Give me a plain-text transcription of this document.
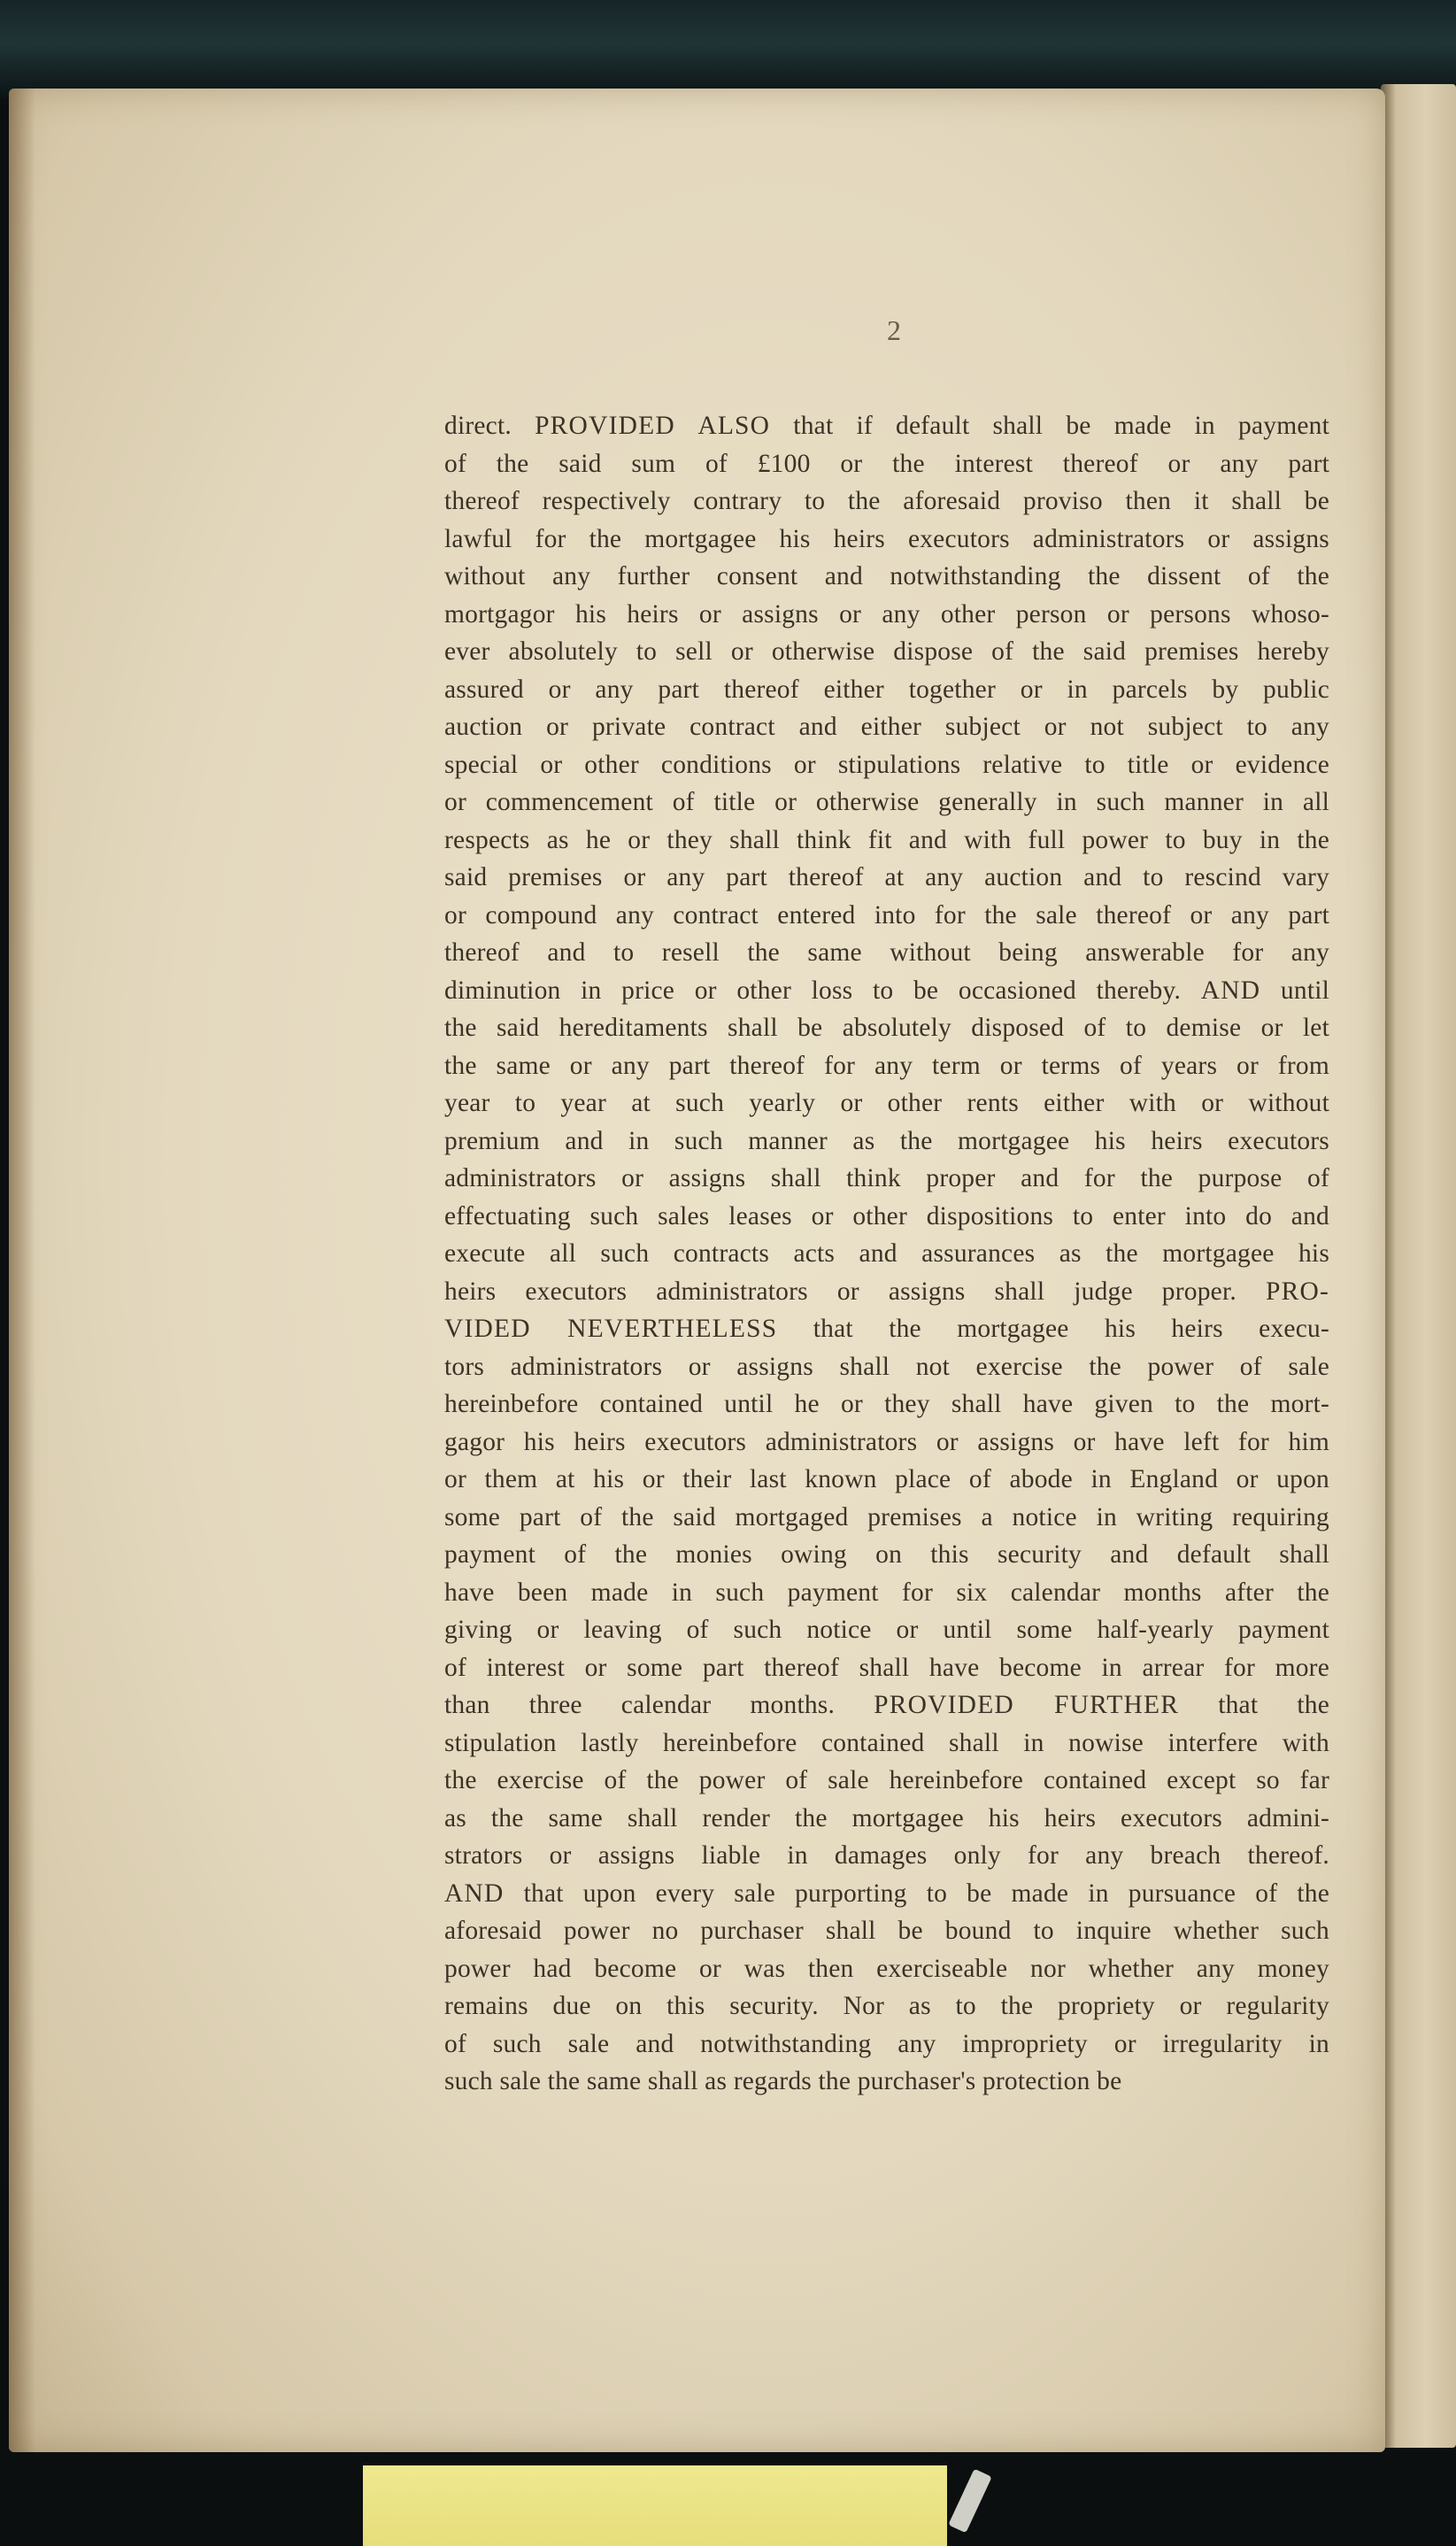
2
direct. PROVIDED ALSO that if default shall be made in payment
of the said sum of £100 or the interest thereof or any part
thereof respectively contrary to the aforesaid proviso then it shall be
lawful for the mortgagee his heirs executors administrators or assigns
without any further consent and notwithstanding the dissent of the
mortgagor his heirs or assigns or any other person or persons whoso-
ever absolutely to sell or otherwise dispose of the said premises hereby
assured or any part thereof either together or in parcels by public
auction or private contract and either subject or not subject to any
special or other conditions or stipulations relative to title or evidence
or commencement of title or otherwise generally in such manner in all
respects as he or they shall think fit and with full power to buy in the
said premises or any part thereof at any auction and to rescind vary
or compound any contract entered into for the sale thereof or any part
thereof and to resell the same without being answerable for any
diminution in price or other loss to be occasioned thereby. AND until
the said hereditaments shall be absolutely disposed of to demise or let
the same or any part thereof for any term or terms of years or from
year to year at such yearly or other rents either with or without
premium and in such manner as the mortgagee his heirs executors
administrators or assigns shall think proper and for the purpose of
effectuating such sales leases or other dispositions to enter into do and
execute all such contracts acts and assurances as the mortgagee his
heirs executors administrators or assigns shall judge proper. PRO-
VIDED NEVERTHELESS that the mortgagee his heirs execu-
tors administrators or assigns shall not exercise the power of sale
hereinbefore contained until he or they shall have given to the mort-
gagor his heirs executors administrators or assigns or have left for him
or them at his or their last known place of abode in England or upon
some part of the said mortgaged premises a notice in writing requiring
payment of the monies owing on this security and default shall
have been made in such payment for six calendar months after the
giving or leaving of such notice or until some half-yearly payment
of interest or some part thereof shall have become in arrear for more
than three calendar months. PROVIDED FURTHER that the
stipulation lastly hereinbefore contained shall in nowise interfere with
the exercise of the power of sale hereinbefore contained except so far
as the same shall render the mortgagee his heirs executors admini-
strators or assigns liable in damages only for any breach thereof.
AND that upon every sale purporting to be made in pursuance of the
aforesaid power no purchaser shall be bound to inquire whether such
power had become or was then exerciseable nor whether any money
remains due on this security. Nor as to the propriety or regularity
of such sale and notwithstanding any impropriety or irregularity in
such sale the same shall as regards the purchaser's protection be
